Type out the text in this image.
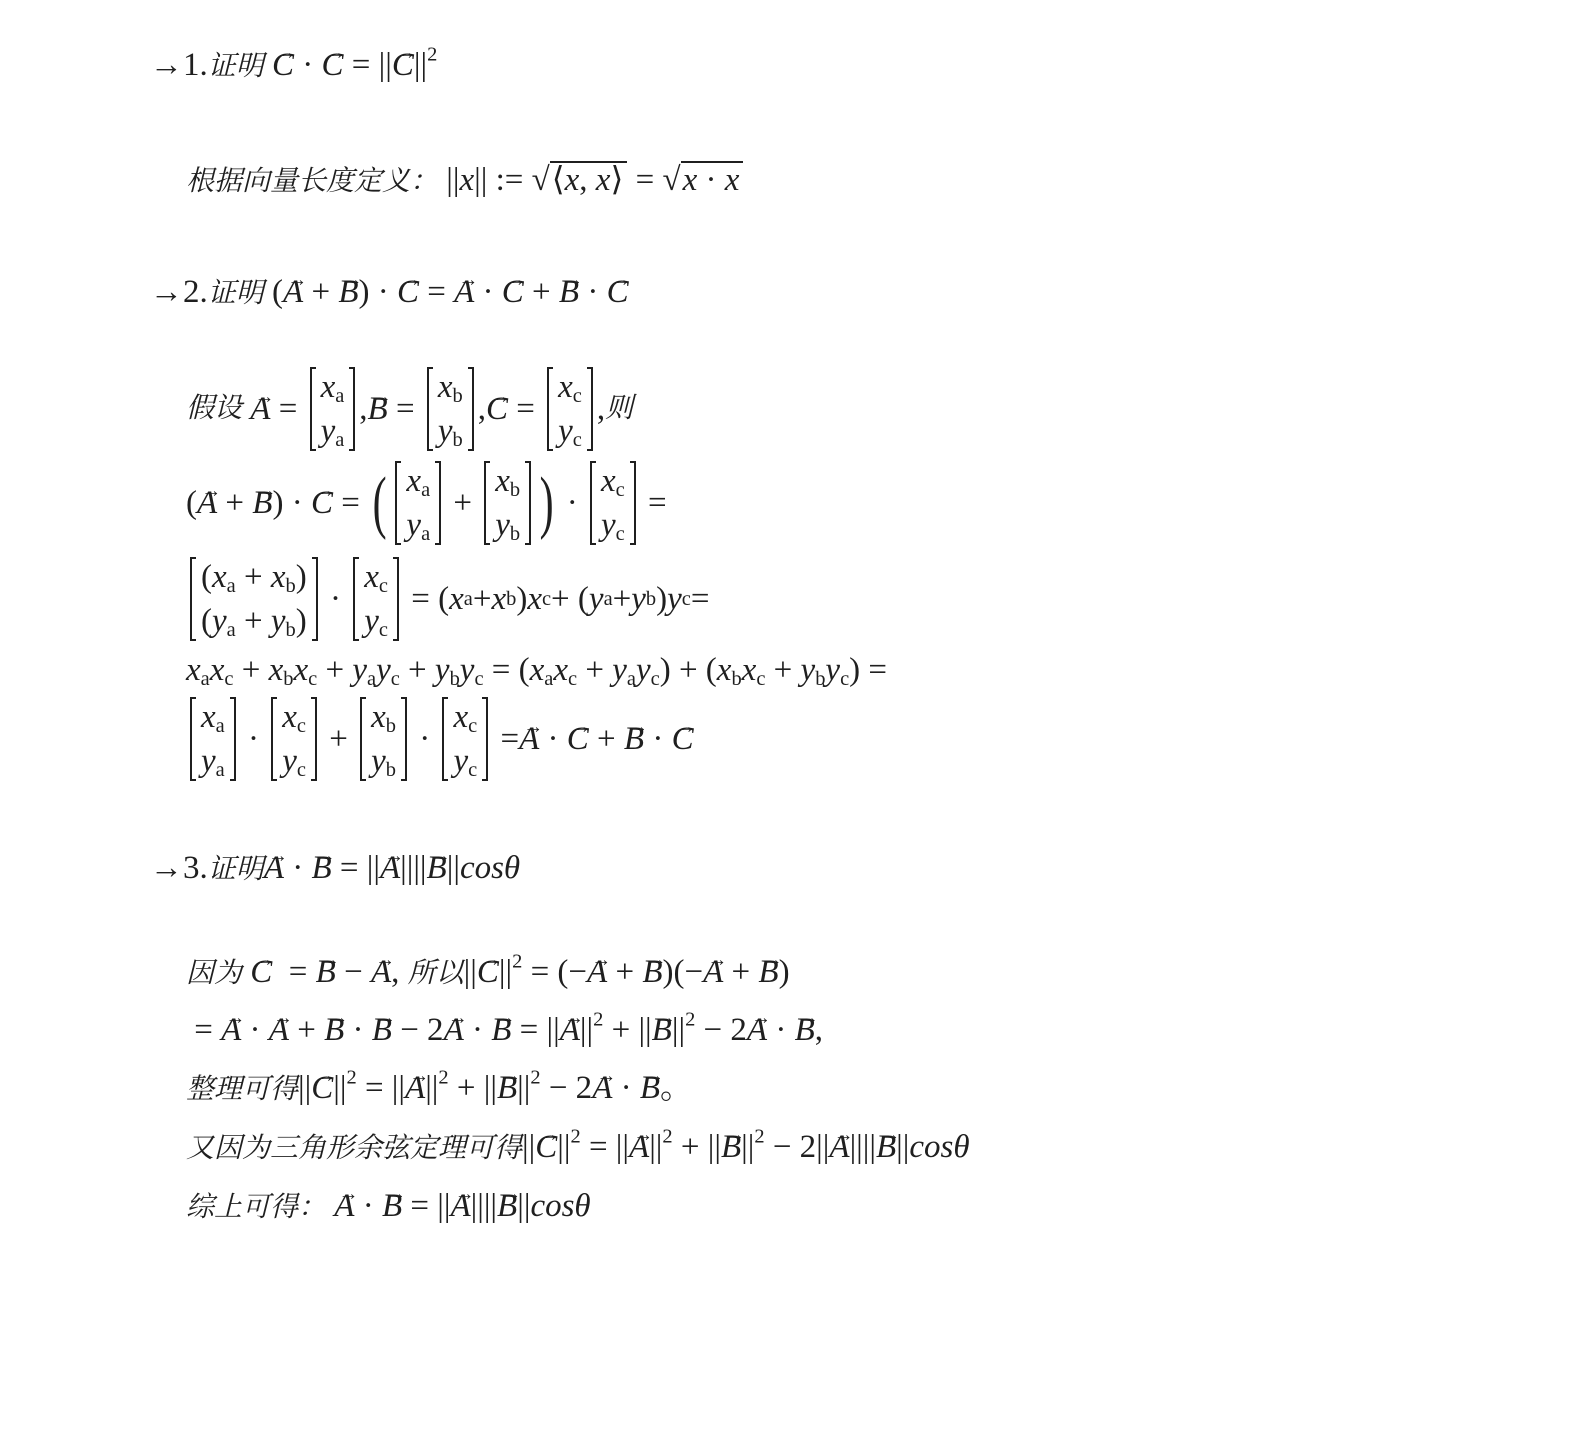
→1.证明 → C · → C = ||→ $C||^2$
根据向量长度定义： ||x|| := √⟨x, x⟩ = √x · x
→2.证明 (→ A + → B) · → C = → A · → C + → B · → C
假设
→ A =
$x_a$
$y_a$
, → B =
$x_b$
$y_b$
, → C =
$x_c$
$y_c$
, 则
( → A + → B ) · → C = ( $x_a$
$y_a$
+
$x_b$
$y_b$ ) ·
$x_c$
$y_c$
=
$(x_a + x_b)$
$(y_a + y_b)$
·
$x_c$
$y_c$
= ( x a + x b ) x c + ( y a + y b ) y c =
$x_ax_c + x_bx_c + y_ay_c + y_by_c = (x_ax_c + y_ay_c) + (x_bx_c + y_by_c)$ =
$x_a$
$y_a$
·
$x_c$
$y_c$
+
$x_b$
$y_b$
·
$x_c$
$y_c$
= → A · → C + → B · → C
→3.证明→ A · → B = ||→ A||||→ B||cosθ
因为 → C  = → B − → A, 所以||→ $C||^2$ = (−→ A + → B)(−→ A + → B)
= → A · → A + → B · → B − 2→ A · → B = ||→ $A||^2$ + ||→ $B||^2 - 2\to A$ · → B,
整理可得||→ $C||^2$ = ||→ $A||^2$ + ||→ $B||^2 - 2\to A$ · → B。
又因为三角形余弦定理可得||→ $C||^2$ = ||→ $A||^2$ + ||→ $B||^2 - 2||\to A||||\to B||\cos\theta$
综上可得： → A · → B = ||→ A||||→ B||cosθ
